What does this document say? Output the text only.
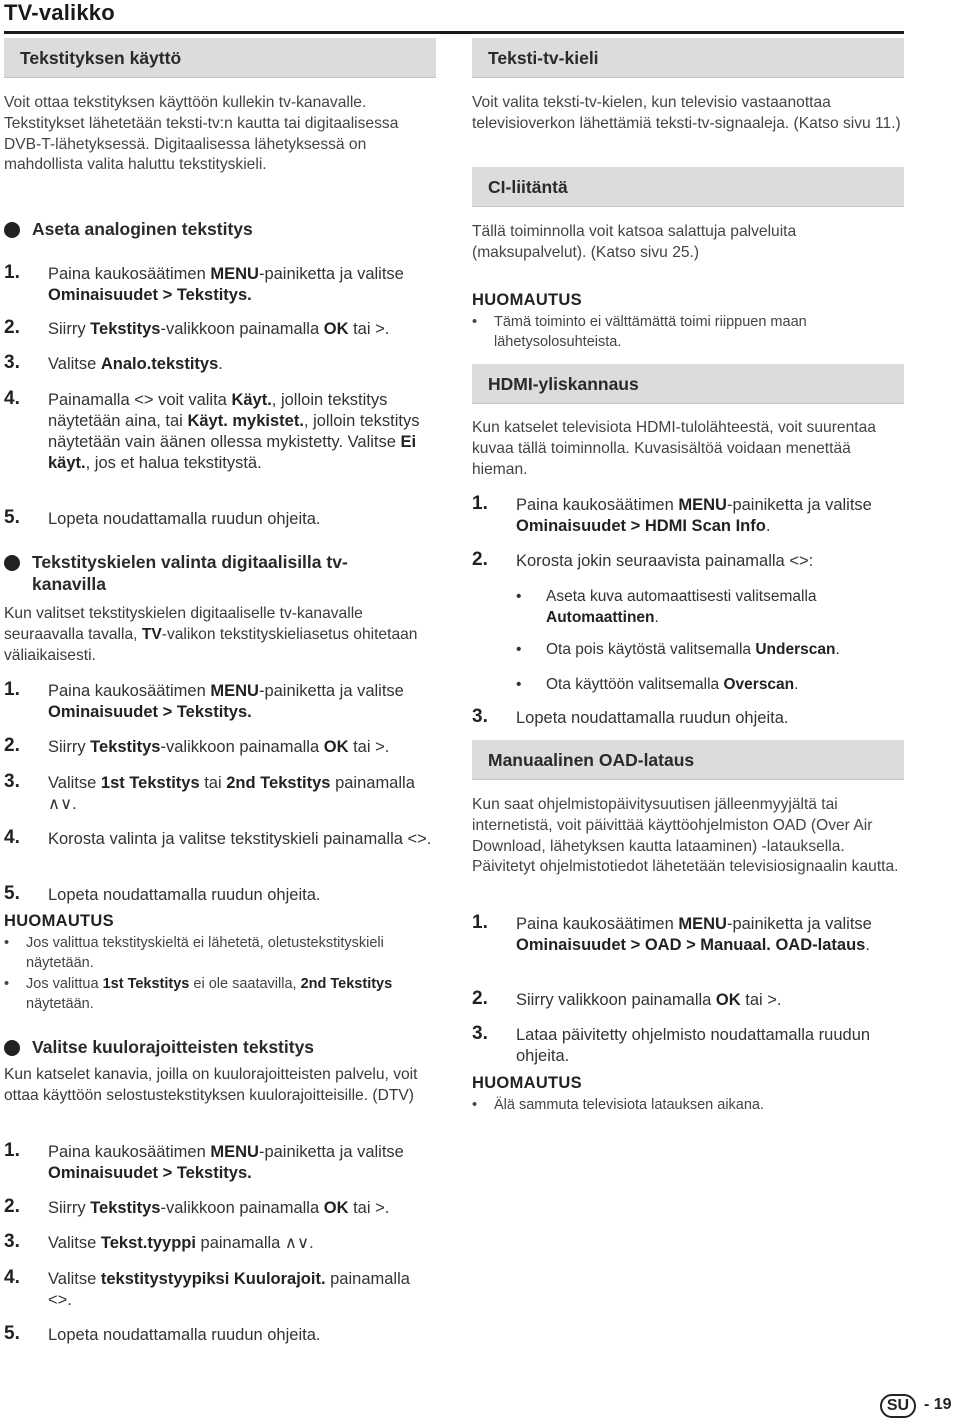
TV-valikko
Tekstityksen käyttö
Voit ottaa tekstityksen käyttöön kullekin tv-kanavalle. Tekstitykset lähetetään teksti-tv:n kautta tai digitaalisessa DVB-T-lähetyksessä. Digitaalisessa lähetyksessä on mahdollista valita haluttu tekstityskieli.
Aseta analoginen tekstitys
1.	Paina kaukosäätimen MENU-painiketta ja valitse Ominaisuudet > Tekstitys.
2.	Siirry Tekstitys-valikkoon painamalla OK tai >.
3.	Valitse Analo.tekstitys.
4.	Painamalla <> voit valita Käyt., jolloin tekstitys näytetään aina, tai Käyt. mykistet., jolloin tekstitys näytetään vain äänen ollessa mykistetty. Valitse Ei käyt., jos et halua tekstitystä.
5.	Lopeta noudattamalla ruudun ohjeita.
Tekstityskielen valinta digitaalisilla tv-kanavilla
Kun valitset tekstityskielen digitaaliselle tv-kanavalle seuraavalla tavalla, TV-valikon tekstityskieliasetus ohitetaan väliaikaisesti.
1.	Paina kaukosäätimen MENU-painiketta ja valitse Ominaisuudet > Tekstitys.
2.	Siirry Tekstitys-valikkoon painamalla OK tai >.
3.	Valitse 1st Tekstitys tai 2nd Tekstitys painamalla ∧∨.
4.	Korosta valinta ja valitse tekstityskieli painamalla <>.
5.	Lopeta noudattamalla ruudun ohjeita.
HUOMAUTUS
•	Jos valittua tekstityskieltä ei lähetetä, oletustekstityskieli näytetään.
•	Jos valittua 1st Tekstitys ei ole saatavilla, 2nd Tekstitys näytetään.
Valitse kuulorajoitteisten tekstitys
Kun katselet kanavia, joilla on kuulorajoitteisten palvelu, voit ottaa käyttöön selostustekstityksen kuulorajoitteisille. (DTV)
1.	Paina kaukosäätimen MENU-painiketta ja valitse Ominaisuudet > Tekstitys.
2.	Siirry Tekstitys-valikkoon painamalla OK tai >.
3.	Valitse Tekst.tyyppi painamalla ∧∨.
4.	Valitse tekstitystyypiksi Kuulorajoit. painamalla <>.
5.	Lopeta noudattamalla ruudun ohjeita.
Teksti-tv-kieli
Voit valita teksti-tv-kielen, kun televisio vastaanottaa televisioverkon lähettämiä teksti-tv-signaaleja. (Katso sivu 11.)
CI-liitäntä
Tällä toiminnolla voit katsoa salattuja palveluita (maksupalvelut). (Katso sivu 25.)
HUOMAUTUS
•	Tämä toiminto ei välttämättä toimi riippuen maan lähetysolosuhteista.
HDMI-yliskannaus
Kun katselet televisiota HDMI-tulolähteestä, voit suurentaa kuvaa tällä toiminnolla. Kuvasisältöä voidaan menettää hieman.
1.	Paina kaukosäätimen MENU-painiketta ja valitse Ominaisuudet > HDMI Scan Info.
2.	Korosta jokin seuraavista painamalla <>:
•	Aseta kuva automaattisesti valitsemalla Automaattinen.
•	Ota pois käytöstä valitsemalla Underscan.
•	Ota käyttöön valitsemalla Overscan.
3.	Lopeta noudattamalla ruudun ohjeita.
Manuaalinen OAD-lataus
Kun saat ohjelmistopäivitysuutisen jälleenmyyjältä tai internetistä, voit päivittää käyttöohjelmiston OAD (Over Air Download, lähetyksen kautta lataaminen) -latauksella. Päivitetyt ohjelmistotiedot lähetetään televisiosignaalin kautta.
1.	Paina kaukosäätimen MENU-painiketta ja valitse Ominaisuudet > OAD > Manuaal. OAD-lataus.
2.	Siirry valikkoon painamalla OK tai >.
3.	Lataa päivitetty ohjelmisto noudattamalla ruudun ohjeita.
HUOMAUTUS
•	Älä sammuta televisiota latauksen aikana.
SU - 19
